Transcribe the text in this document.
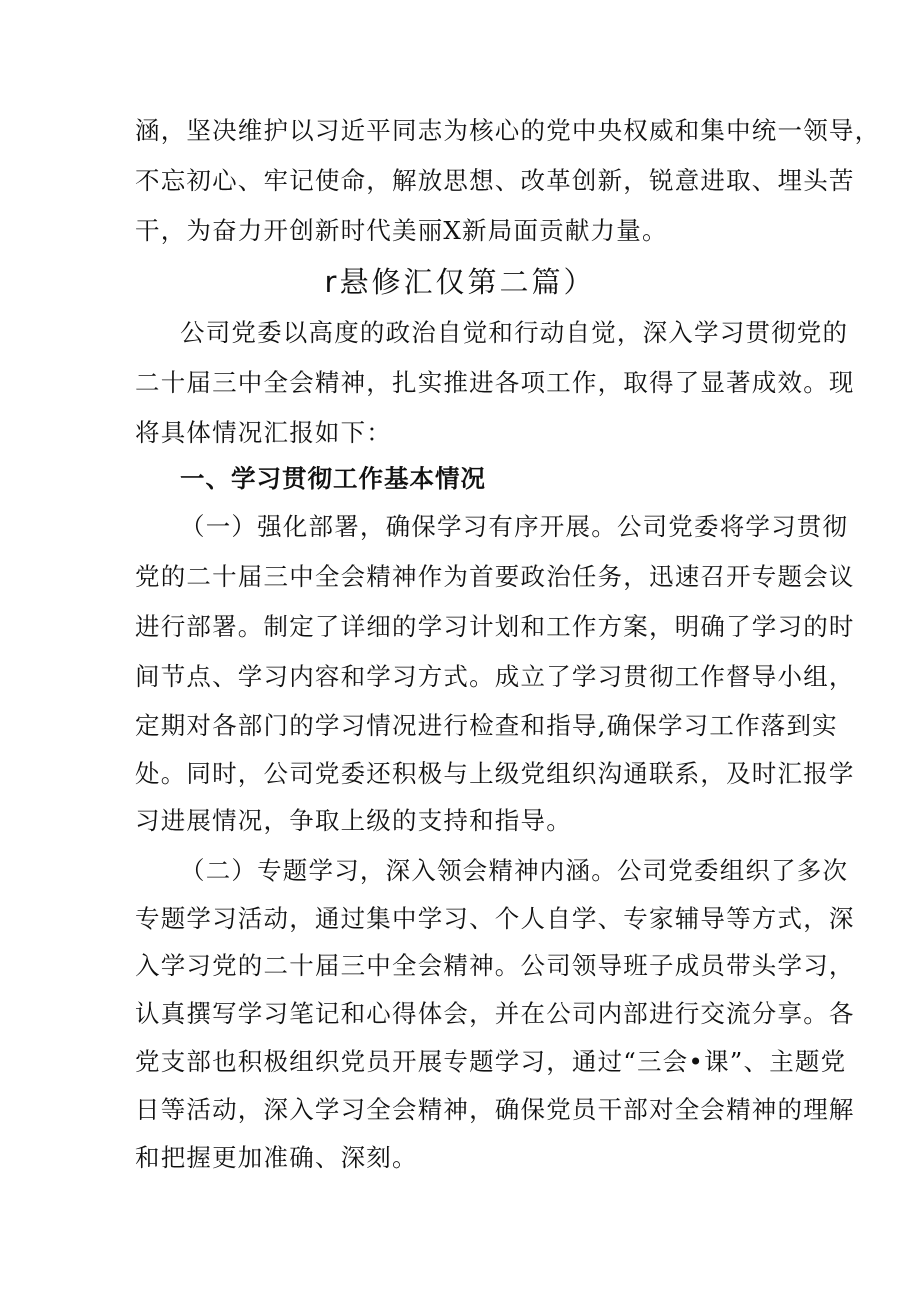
涵，坚决维护以习近平同志为核心的党中央权威和集中统一领导，
不忘初心、牢记使命，解放思想、改革创新，锐意进取、埋头苦
干，为奋力开创新时代美丽X新局面贡献力量。
r悬修汇仅第二篇）
公司党委以高度的政治自觉和行动自觉，深入学习贯彻党的
二十届三中全会精神，扎实推进各项工作，取得了显著成效。现
将具体情况汇报如下：
一、学习贯彻工作基本情况
（一）强化部署，确保学习有序开展。公司党委将学习贯彻
党的二十届三中全会精神作为首要政治任务，迅速召开专题会议
进行部署。制定了详细的学习计划和工作方案，明确了学习的时
间节点、学习内容和学习方式。成立了学习贯彻工作督导小组，
定期对各部门的学习情况进行检查和指导,确保学习工作落到实
处。同时，公司党委还积极与上级党组织沟通联系，及时汇报学
习进展情况，争取上级的支持和指导。
（二）专题学习，深入领会精神内涵。公司党委组织了多次
专题学习活动，通过集中学习、个人自学、专家辅导等方式，深
入学习党的二十届三中全会精神。公司领导班子成员带头学习，
认真撰写学习笔记和心得体会，并在公司内部进行交流分享。各
党支部也积极组织党员开展专题学习，通过“三会•课”、主题党
日等活动，深入学习全会精神，确保党员干部对全会精神的理解
和把握更加准确、深刻。
